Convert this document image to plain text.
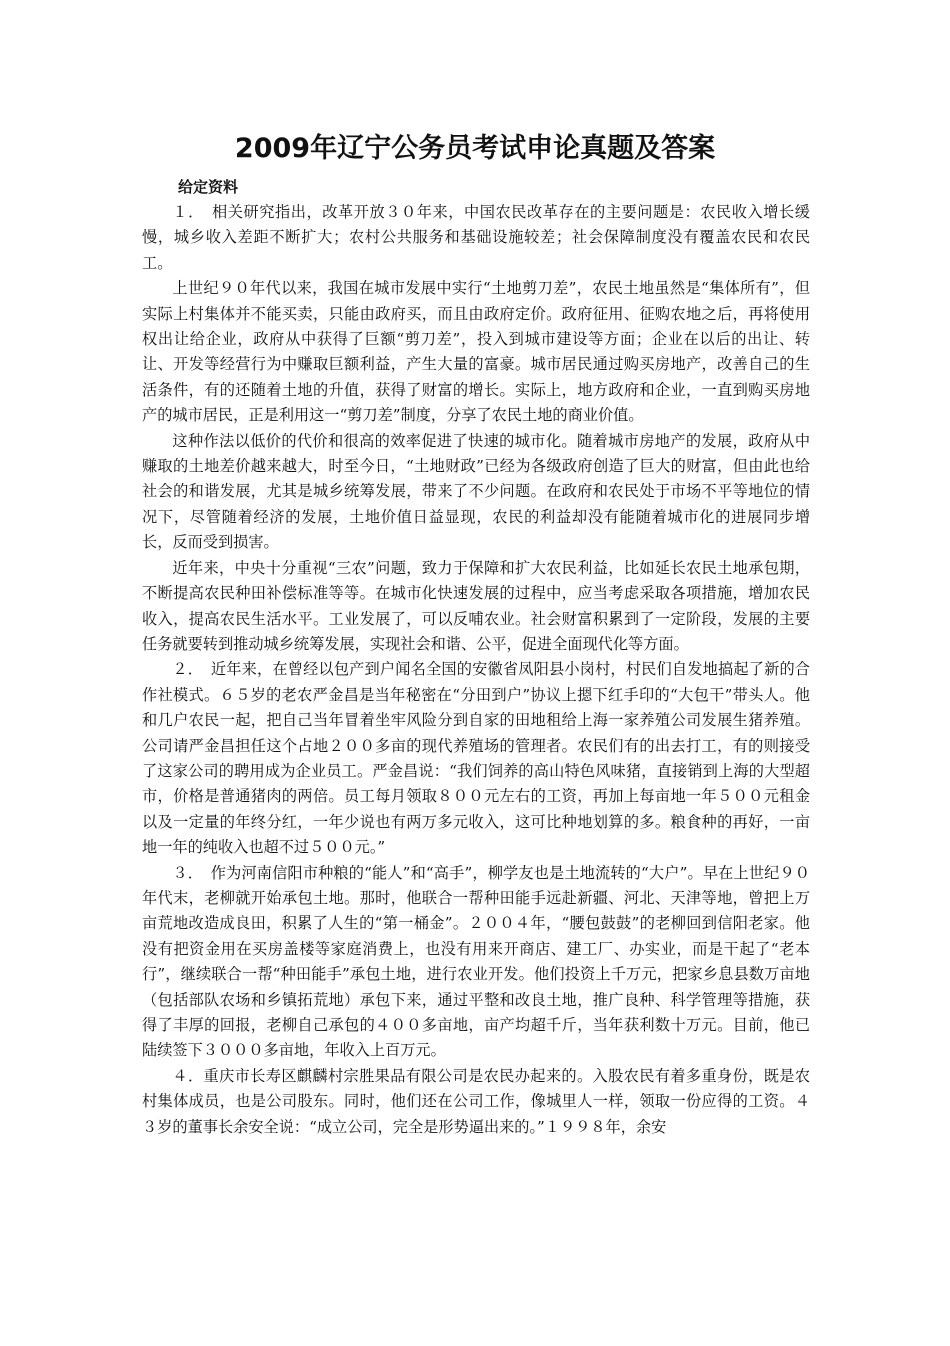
2009年辽宁公务员考试申论真题及答案
给定资料

１．　相关研究指出，改革开放３０年来，中国农民改革存在的主要问题是：农民收入增长缓慢，城乡收入差距不断扩大；农村公共服务和基础设施较差；社会保障制度没有覆盖农民和农民工。

上世纪９０年代以来，我国在城市发展中实行“土地剪刀差”，农民土地虽然是“集体所有”，但实际上村集体并不能买卖，只能由政府买，而且由政府定价。政府征用、征购农地之后，再将使用权出让给企业，政府从中获得了巨额“剪刀差”，投入到城市建设等方面；企业在以后的出让、转让、开发等经营行为中赚取巨额利益，产生大量的富豪。城市居民通过购买房地产，改善自己的生活条件，有的还随着土地的升值，获得了财富的增长。实际上，地方政府和企业，一直到购买房地产的城市居民，正是利用这一“剪刀差”制度，分享了农民土地的商业价值。

这种作法以低价的代价和很高的效率促进了快速的城市化。随着城市房地产的发展，政府从中赚取的土地差价越来越大，时至今日，“土地财政”已经为各级政府创造了巨大的财富，但由此也给社会的和谐发展，尤其是城乡统筹发展，带来了不少问题。在政府和农民处于市场不平等地位的情况下，尽管随着经济的发展，土地价值日益显现，农民的利益却没有能随着城市化的进展同步增长，反而受到损害。

近年来，中央十分重视“三农”问题，致力于保障和扩大农民利益，比如延长农民土地承包期，不断提高农民种田补偿标准等等。在城市化快速发展的过程中，应当考虑采取各项措施，增加农民收入，提高农民生活水平。工业发展了，可以反哺农业。社会财富积累到了一定阶段，发展的主要任务就要转到推动城乡统筹发展，实现社会和谐、公平，促进全面现代化等方面。

２．　近年来，在曾经以包产到户闻名全国的安徽省凤阳县小岗村，村民们自发地搞起了新的合作社模式。６５岁的老农严金昌是当年秘密在“分田到户”协议上摁下红手印的“大包干”带头人。他和几户农民一起，把自己当年冒着坐牢风险分到自家的田地租给上海一家养殖公司发展生猪养殖。公司请严金昌担任这个占地２００多亩的现代养殖场的管理者。农民们有的出去打工，有的则接受了这家公司的聘用成为企业员工。严金昌说：“我们饲养的高山特色风味猪，直接销到上海的大型超市，价格是普通猪肉的两倍。员工每月领取８００元左右的工资，再加上每亩地一年５００元租金以及一定量的年终分红，一年少说也有两万多元收入，这可比种地划算的多。粮食种的再好，一亩地一年的纯收入也超不过５００元。”

３．　作为河南信阳市种粮的“能人”和“高手”，柳学友也是土地流转的“大户”。早在上世纪９０年代末，老柳就开始承包土地。那时，他联合一帮种田能手远赴新疆、河北、天津等地，曾把上万亩荒地改造成良田，积累了人生的“第一桶金”。２００４年，“腰包鼓鼓”的老柳回到信阳老家。他没有把资金用在买房盖楼等家庭消费上，也没有用来开商店、建工厂、办实业，而是干起了“老本行”，继续联合一帮“种田能手”承包土地，进行农业开发。他们投资上千万元，把家乡息县数万亩地（包括部队农场和乡镇拓荒地）承包下来，通过平整和改良土地，推广良种、科学管理等措施，获得了丰厚的回报，老柳自己承包的４００多亩地，亩产均超千斤，当年获利数十万元。目前，他已陆续签下３０００多亩地，年收入上百万元。

４．重庆市长寿区麒麟村宗胜果品有限公司是农民办起来的。入股农民有着多重身份，既是农村集体成员，也是公司股东。同时，他们还在公司工作，像城里人一样，领取一份应得的工资。４３岁的董事长余安全说：“成立公司，完全是形势逼出来的。”１９９８年，余安
